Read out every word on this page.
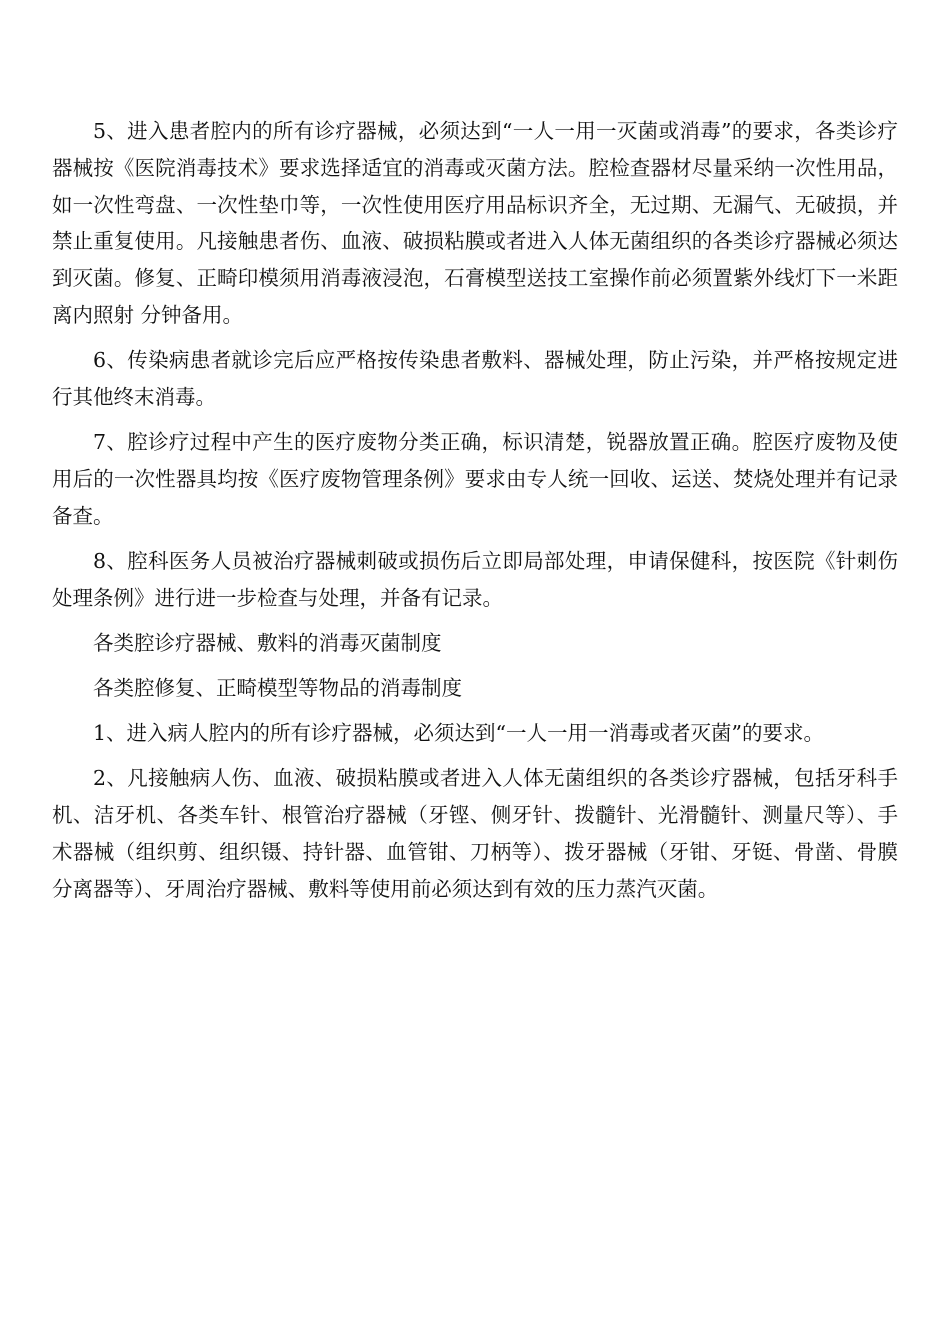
5、进入患者腔内的所有诊疗器械，必须达到“一人一用一灭菌或消毒”的要求，各类诊疗器械按《医院消毒技术》要求选择适宜的消毒或灭菌方法。腔检查器材尽量采纳一次性用品，如一次性弯盘、一次性垫巾等，一次性使用医疗用品标识齐全，无过期、无漏气、无破损，并禁止重复使用。凡接触患者伤、血液、破损粘膜或者进入人体无菌组织的各类诊疗器械必须达到灭菌。修复、正畸印模须用消毒液浸泡，石膏模型送技工室操作前必须置紫外线灯下一米距离内照射 分钟备用。

6、传染病患者就诊完后应严格按传染患者敷料、器械处理，防止污染，并严格按规定进行其他终末消毒。

7、腔诊疗过程中产生的医疗废物分类正确，标识清楚，锐器放置正确。腔医疗废物及使用后的一次性器具均按《医疗废物管理条例》要求由专人统一回收、运送、焚烧处理并有记录备查。

8、腔科医务人员被治疗器械刺破或损伤后立即局部处理，申请保健科，按医院《针刺伤处理条例》进行进一步检查与处理，并备有记录。

各类腔诊疗器械、敷料的消毒灭菌制度

各类腔修复、正畸模型等物品的消毒制度

1、进入病人腔内的所有诊疗器械，必须达到“一人一用一消毒或者灭菌”的要求。

2、凡接触病人伤、血液、破损粘膜或者进入人体无菌组织的各类诊疗器械，包括牙科手机、洁牙机、各类车针、根管治疗器械（牙铿、侧牙针、拨髓针、光滑髓针、测量尺等）、手术器械（组织剪、组织镊、持针器、血管钳、刀柄等）、拨牙器械（牙钳、牙铤、骨凿、骨膜分离器等）、牙周治疗器械、敷料等使用前必须达到有效的压力蒸汽灭菌。
